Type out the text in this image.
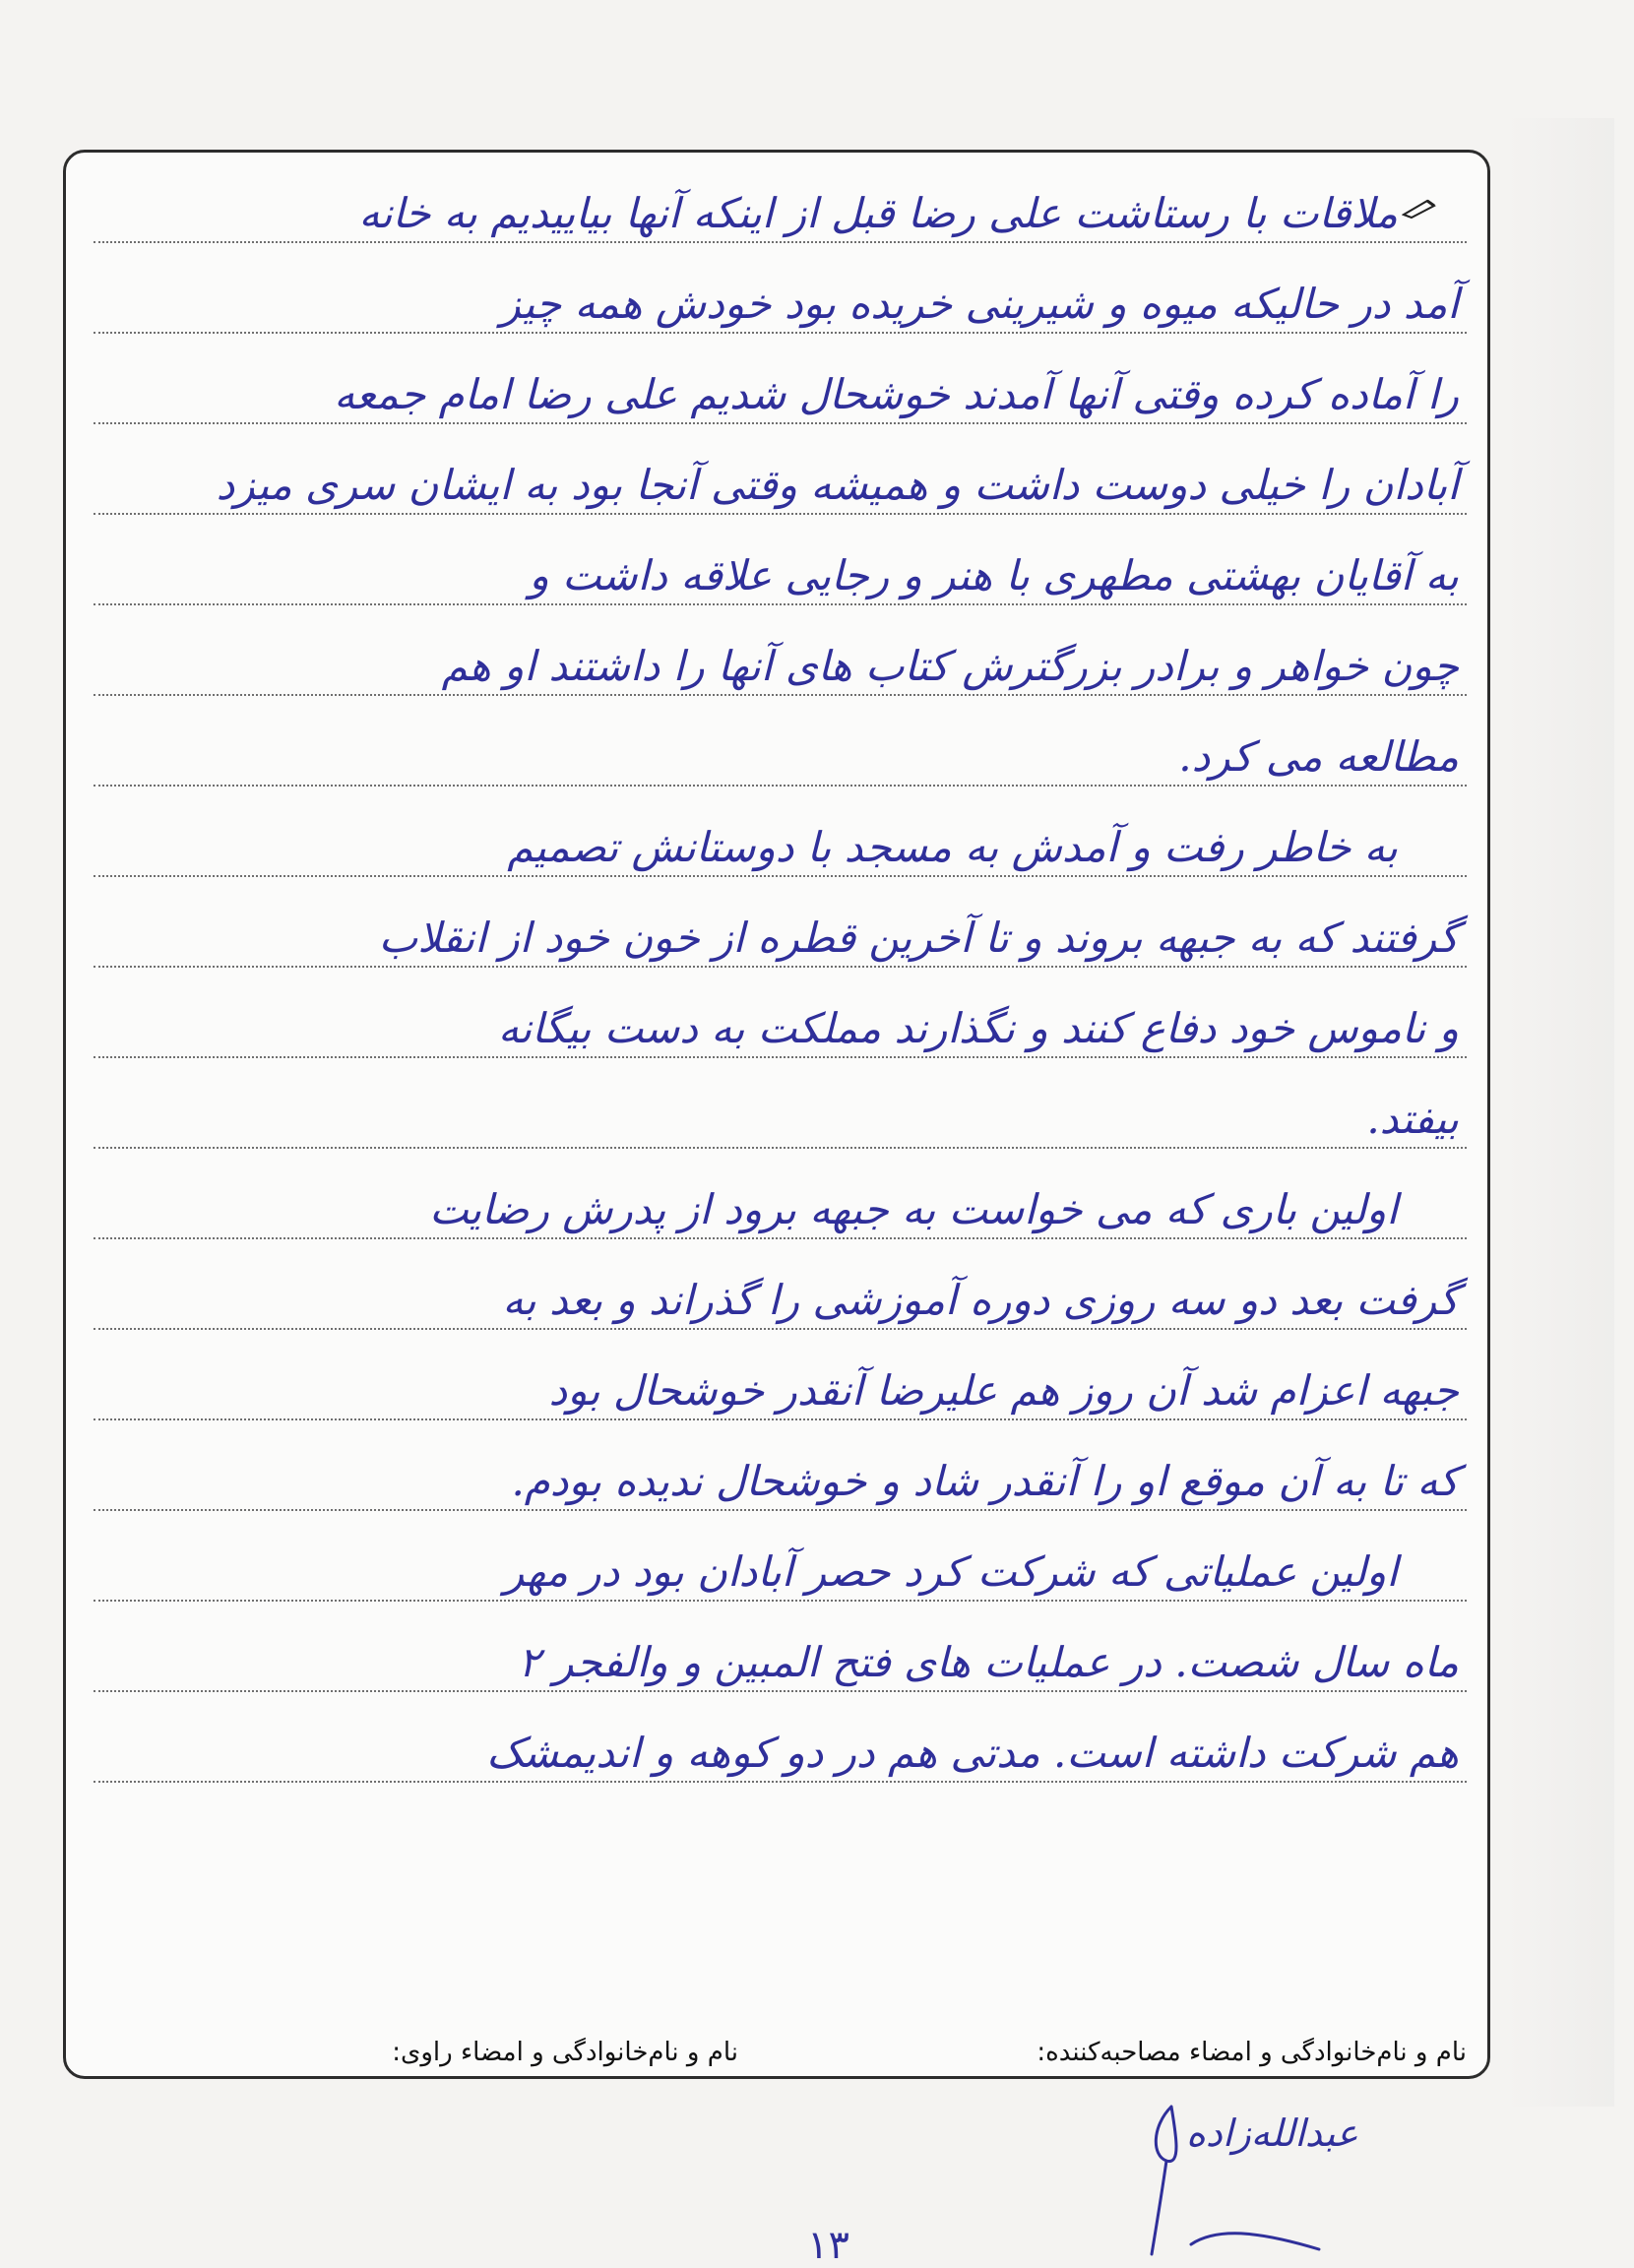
ملاقات با رستاشت علی رضا قبل از اینکه آنها بیاییدیم به خانه

آمد در حالیکه میوه و شیرینی خریده بود خودش همه چیز

را آماده کرده وقتی آنها آمدند خوشحال شدیم علی رضا امام جمعه

آبادان را خیلی دوست داشت و همیشه وقتی آنجا بود به ایشان سری میزد

به آقایان بهشتی مطهری با هنر و رجایی علاقه داشت و

چون خواهر و برادر بزرگترش کتاب های آنها را داشتند او هم

مطالعه می کرد.

به خاطر رفت و آمدش به مسجد با دوستانش تصمیم

گرفتند که به جبهه بروند و تا آخرین قطره از خون خود از انقلاب

و ناموس خود دفاع کنند و نگذارند مملکت به دست بیگانه

بیفتد.

اولین باری که می خواست به جبهه برود از پدرش رضایت

گرفت بعد دو سه روزی دوره آموزشی را گذراند و بعد به

جبهه اعزام شد آن روز هم علیرضا آنقدر خوشحال بود

که تا به آن موقع او را آنقدر شاد و خوشحال ندیده بودم.

اولین عملیاتی که شرکت کرد حصر آبادان بود در مهر

ماه سال شصت. در عملیات های فتح المبین و والفجر ۲

هم شرکت داشته است. مدتی هم در دو کوهه و اندیمشک

نام و نام‌خانوادگی و امضاء مصاحبه‌کننده:
نام و نام‌خانوادگی و امضاء راوی:
عبدالله‌زاده
۱۳
